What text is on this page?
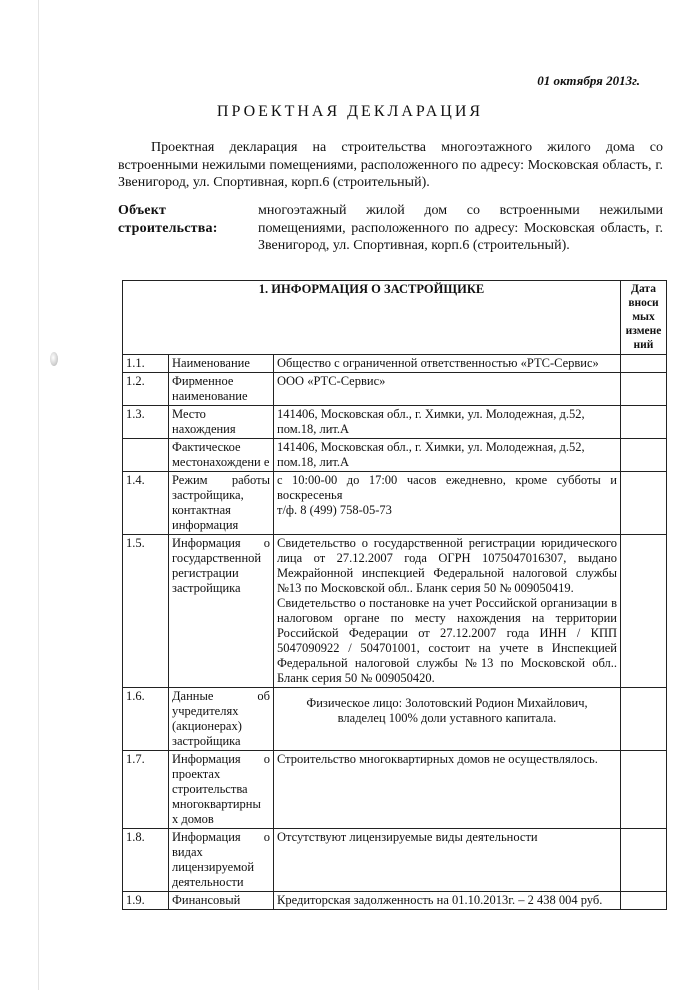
01 октября 2013г.
ПРОЕКТНАЯ ДЕКЛАРАЦИЯ
Проектная декларация на строительства многоэтажного жилого дома со встроенными нежилыми помещениями, расположенного по адресу: Московская область, г. Звенигород, ул. Спортивная, корп.6 (строительный).
Объект строительства:
многоэтажный жилой дом со встроенными нежилыми помещениями, расположенного по адресу: Московская область, г. Звенигород, ул. Спортивная, корп.6 (строительный).
1. ИНФОРМАЦИЯ О ЗАСТРОЙЩИКЕ			Дата вноси мых измене ний
1.1.	Наименование	Общество с ограниченной ответственностью «РТС-Сервис»	
1.2.	Фирменное наименование	ООО «РТС-Сервис»	
1.3.	Место нахождения	141406, Московская обл., г. Химки, ул. Молодежная, д.52, пом.18, лит.А	
	Фактическое местонахождени е	141406, Московская обл., г. Химки, ул. Молодежная, д.52, пом.18, лит.А	
1.4.	Режим работы застройщика, контактная информация	с 10:00-00 до 17:00 часов ежедневно, кроме субботы и воскресенья
т/ф. 8 (499) 758-05-73	

1.5.	Информация о государственной регистрации застройщика	Свидетельство о государственной регистрации юридического лица от 27.12.2007 года ОГРН 1075047016307, выдано Межрайонной инспекцией Федеральной налоговой службы №13 по Московской обл.. Бланк серия 50 № 009050419.
Свидетельство о постановке на учет Российской организации в налоговом органе по месту нахождения на территории Российской Федерации от 27.12.2007 года ИНН / КПП 5047090922 / 504701001, состоит на учете в Инспекцией Федеральной налоговой службы №13 по Московской обл.. Бланк серия 50 № 009050420.	

1.6.	Данные об учредителях (акционерах) застройщика	Физическое лицо: Золотовский Родион Михайлович, владелец 100% доли уставного капитала.	
1.7.	Информация о проектах строительства многоквартирны х домов	Строительство многоквартирных домов не осуществлялось.	
1.8.	Информация о видах лицензируемой деятельности	Отсутствуют лицензируемые виды деятельности	
1.9.	Финансовый	Кредиторская задолженность на 01.10.2013г. – 2 438 004 руб.	
